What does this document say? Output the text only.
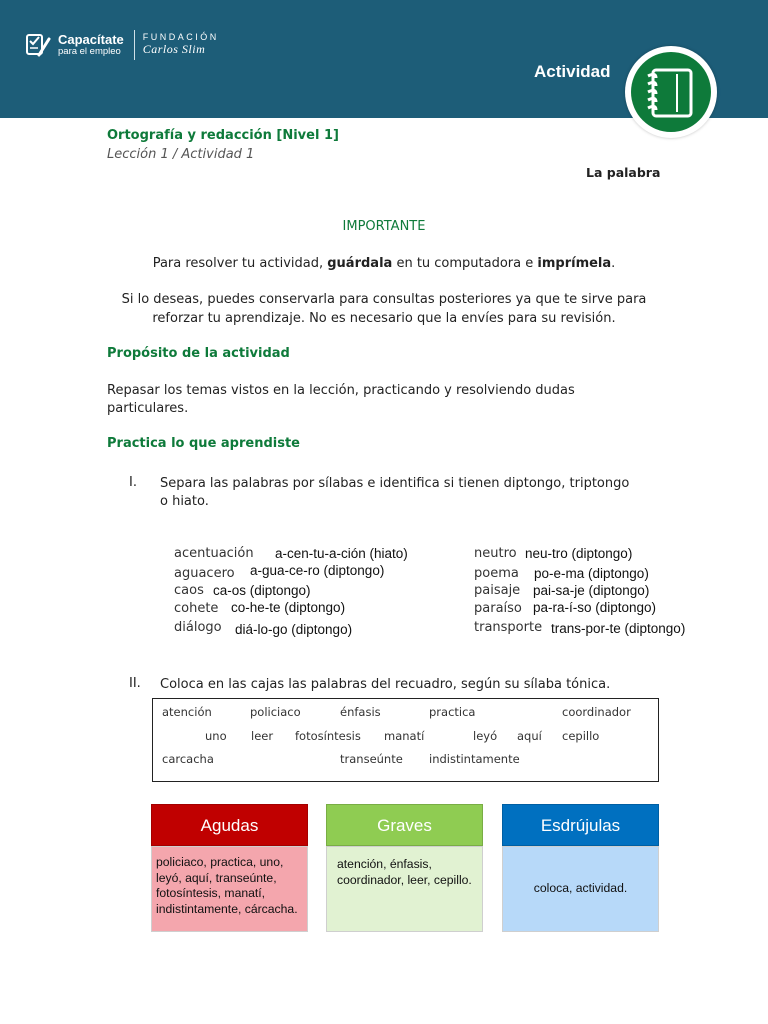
Capacítate
para el empleo
FUNDACIÓN
Carlos Slim
Actividad
Ortografía y redacción [Nivel 1]
Lección 1 / Actividad 1
La palabra
IMPORTANTE
Para resolver tu actividad, guárdala en tu computadora e imprímela.
Si lo deseas, puedes conservarla para consultas posteriores ya que te sirve para reforzar tu aprendizaje. No es necesario que la envíes para su revisión.
Propósito de la actividad
Repasar los temas vistos en la lección, practicando y resolviendo dudas particulares.
Practica lo que aprendiste
I. Separa las palabras por sílabas e identifica si tienen diptongo, triptongo o hiato.
acentuación a-cen-tu-a-ción (hiato)
aguacero a-gua-ce-ro (diptongo)
caos ca-os (diptongo)
cohete co-he-te (diptongo)
diálogo diá-lo-go (diptongo)
neutro neu-tro (diptongo)
poema po-e-ma (diptongo)
paisaje pai-sa-je (diptongo)
paraíso pa-ra-í-so (diptongo)
transporte trans-por-te (diptongo)
II. Coloca en las cajas las palabras del recuadro, según su sílaba tónica.
atención	policiaco	énfasis	practica	coordinador
uno leer fotosíntesis manatí	leyó aquí cepillo
carcacha	transeúnte indistintamente
Agudas
policiaco, practica, uno, leyó, aquí, transeúnte, fotosíntesis, manatí, indistintamente, cárcacha.
Graves
atención, énfasis, coordinador, leer, cepillo.
Esdrújulas
coloca, actividad.
